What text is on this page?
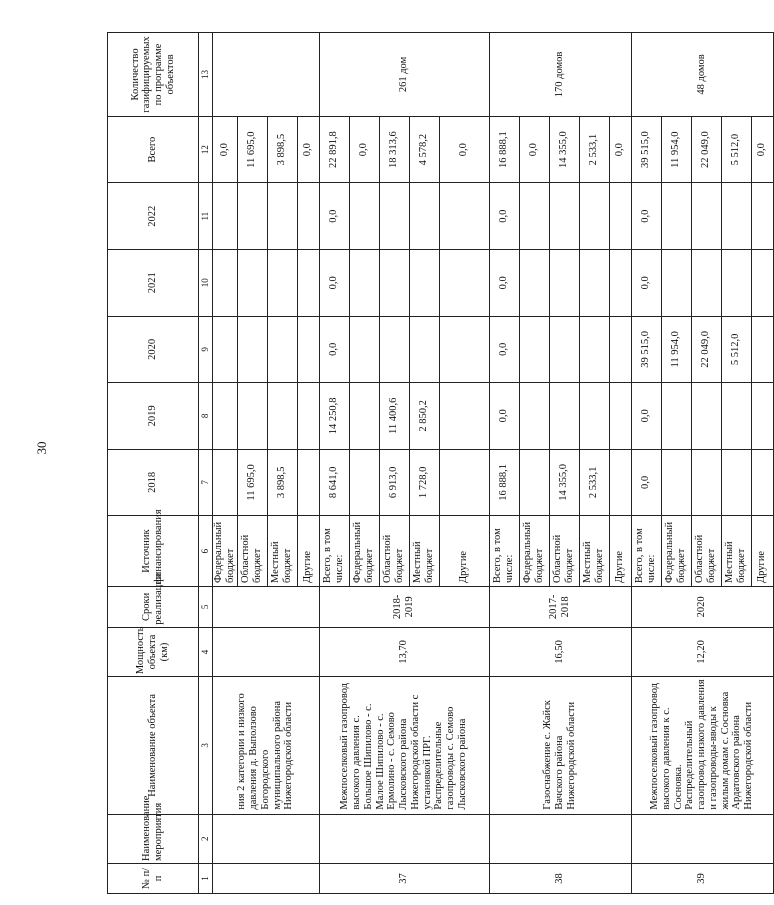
30
№ п/п	Наименование мероприятия	Наименование объекта	Мощность объекта (км)	Сроки реализации	Источник финансирования	2018	2019	2020	2021	2022	Всего	Количество газифицируемых по программе объектов
1	2	3	4	5	6	7	8	9	10	11	12	13
		ния 2 категории и низкого давления д. Выползово Богородского муниципального района Нижегородской области			Федеральный бюджет						0,0	
					Областной бюджет	11 695,0					11 695,0	
					Местный бюджет	3 898,5					3 898,5	
					Другие						0,0	
37		Межпоселковый газопровод высокого давления с. Большое Шипилово - с. Малое Шипилово - с. Ермолино - с. Семово Лысковского района Нижегородской области с установкой ПРГ. Распределительные газопроводы с. Семово Лысковского района	13,70	2018-2019	Всего, в том числе:	8 641,0	14 250,8	0,0	0,0	0,0	22 891,8	261 дом
					Федеральный бюджет						0,0	
					Областной бюджет	6 913,0	11 400,6				18 313,6	
					Местный бюджет	1 728,0	2 850,2				4 578,2	
					Другие						0,0	
38		Газоснабжение с. Жайск Вачского района Нижегородской области	16,50	2017-2018	Всего, в том числе:	16 888,1	0,0	0,0	0,0	0,0	16 888,1	170 домов
					Федеральный бюджет						0,0	
					Областной бюджет	14 355,0					14 355,0	
					Местный бюджет	2 533,1					2 533,1	
					Другие						0,0	
39		Межпоселковый газопровод высокого давления к с. Сосновка. Распределительный газопровод низкого давления и газопроводы-вводы к жилым домам с. Сосновка Ардатовского района Нижегородской области	12,20	2020	Всего, в том числе:	0,0	0,0	39 515,0	0,0	0,0	39 515,0	48 домов
					Федеральный бюджет			11 954,0			11 954,0	
					Областной бюджет			22 049,0			22 049,0	
					Местный бюджет			5 512,0			5 512,0	
					Другие						0,0	
